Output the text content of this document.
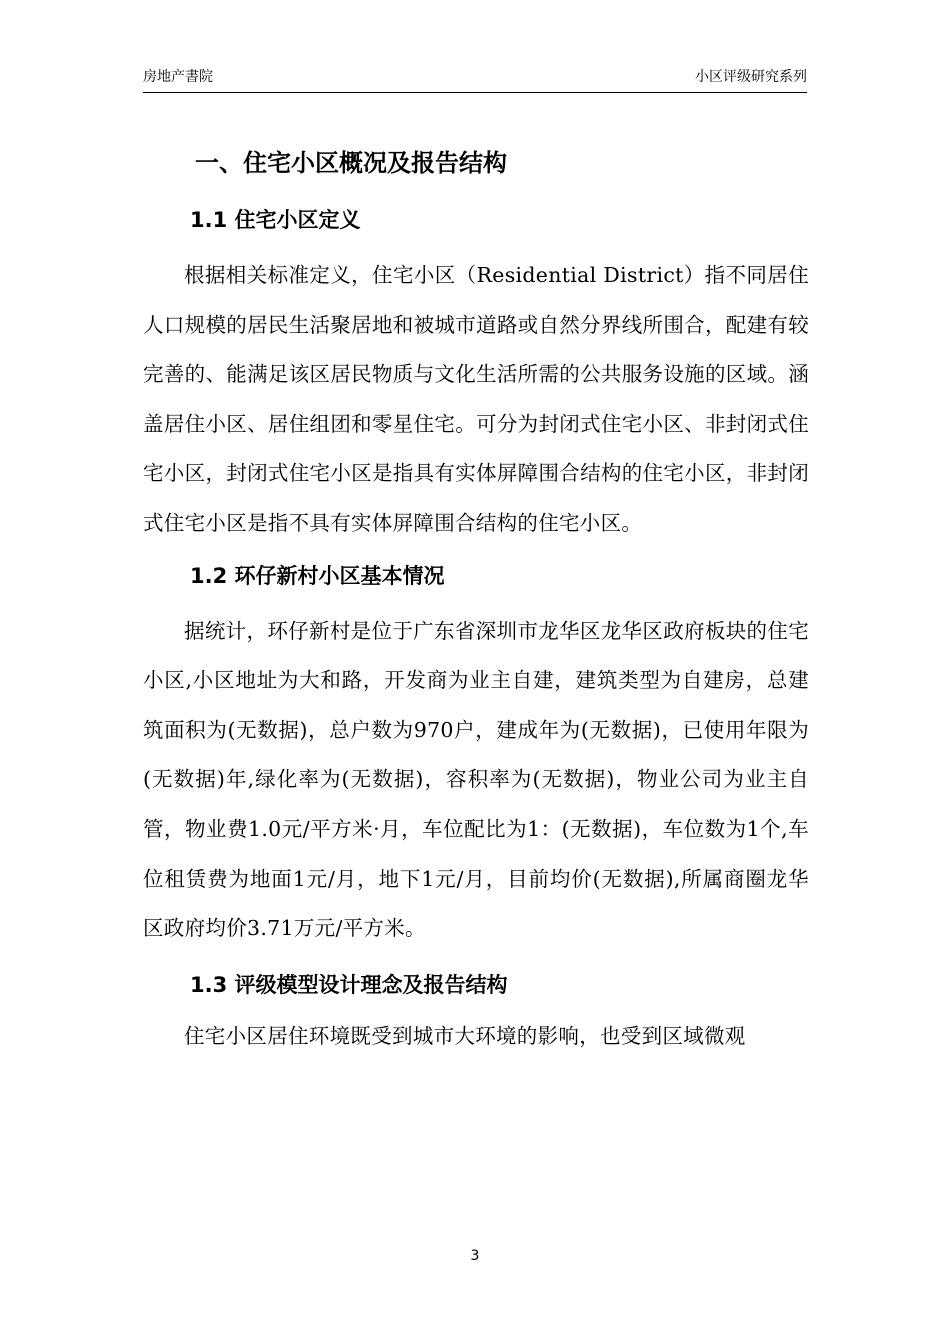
房地产書院	小区评级研究系列
一、住宅小区概况及报告结构
1.1 住宅小区定义

根据相关标准定义，住宅小区（Residential District）指不同居住人口规模的居民生活聚居地和被城市道路或自然分界线所围合，配建有较完善的、能满足该区居民物质与文化生活所需的公共服务设施的区域。涵盖居住小区、居住组团和零星住宅。可分为封闭式住宅小区、非封闭式住宅小区，封闭式住宅小区是指具有实体屏障围合结构的住宅小区，非封闭式住宅小区是指不具有实体屏障围合结构的住宅小区。

1.2 环仔新村小区基本情况

据统计，环仔新村是位于广东省深圳市龙华区龙华区政府板块的住宅小区,小区地址为大和路，开发商为业主自建，建筑类型为自建房，总建筑面积为(无数据)，总户数为970户，建成年为(无数据)，已使用年限为(无数据)年,绿化率为(无数据)，容积率为(无数据)，物业公司为业主自管，物业费1.0元/平方米·月，车位配比为1：(无数据)，车位数为1个,车位租赁费为地面1元/月，地下1元/月，目前均价(无数据),所属商圈龙华区政府均价3.71万元/平方米。

1.3 评级模型设计理念及报告结构

住宅小区居住环境既受到城市大环境的影响，也受到区域微观

3
